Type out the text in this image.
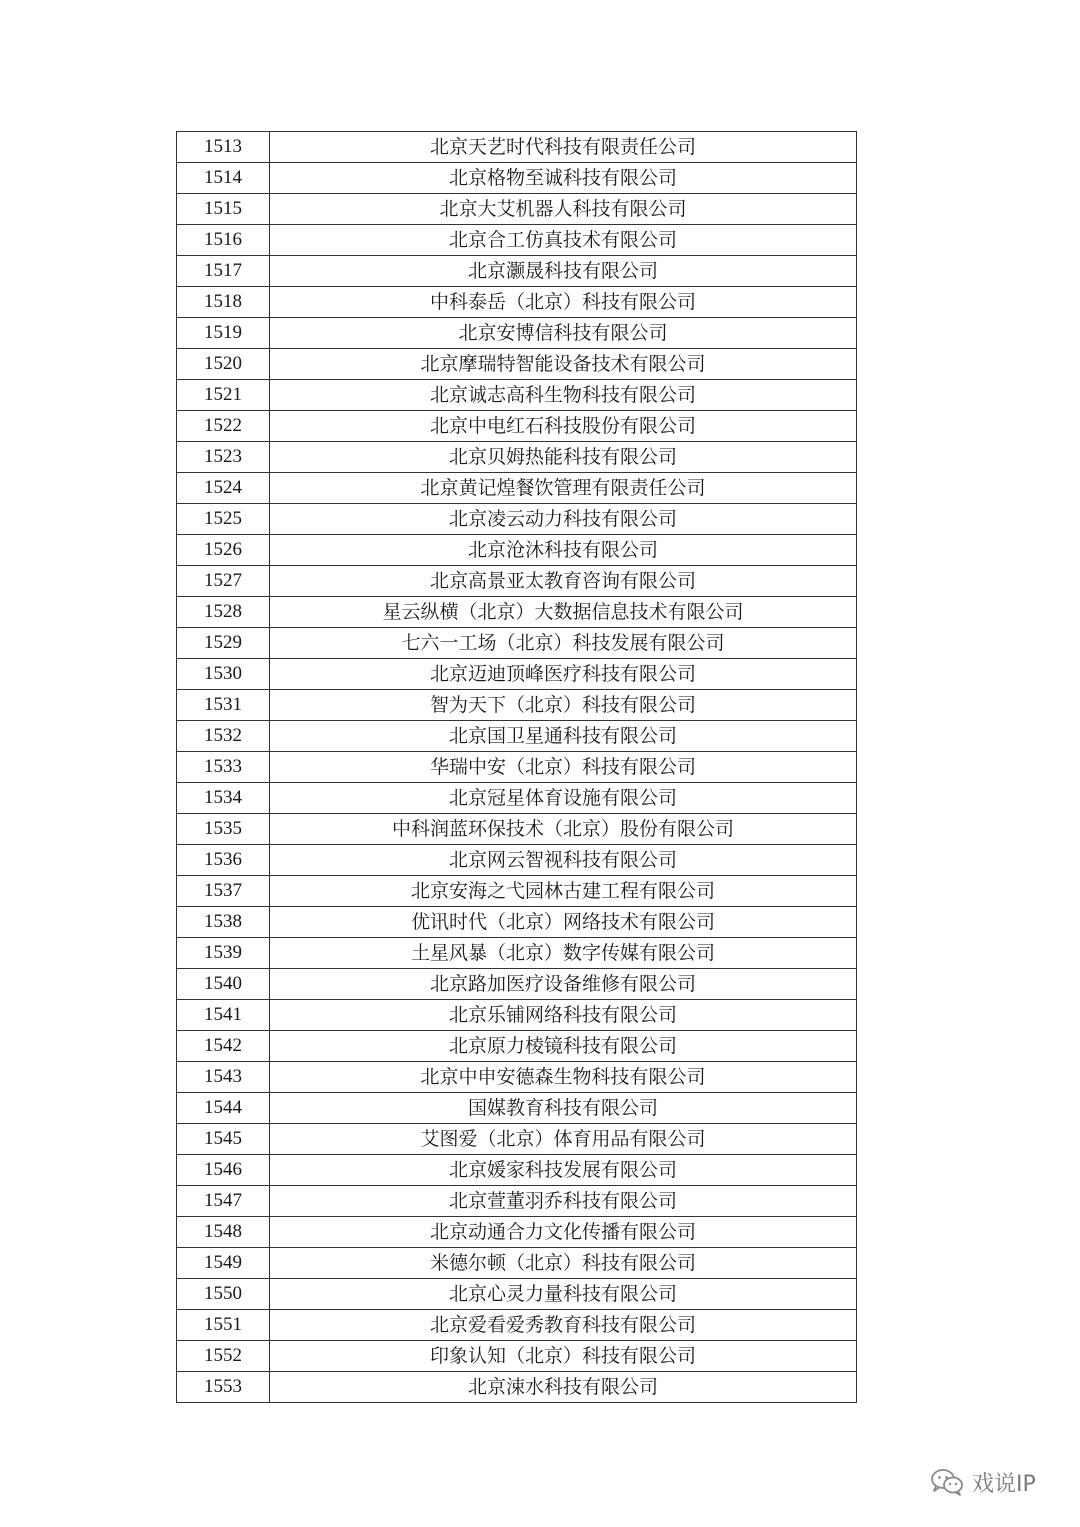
1513	北京天艺时代科技有限责任公司
1514	北京格物至诚科技有限公司
1515	北京大艾机器人科技有限公司
1516	北京合工仿真技术有限公司
1517	北京灏晟科技有限公司
1518	中科泰岳（北京）科技有限公司
1519	北京安博信科技有限公司
1520	北京摩瑞特智能设备技术有限公司
1521	北京诚志高科生物科技有限公司
1522	北京中电红石科技股份有限公司
1523	北京贝姆热能科技有限公司
1524	北京黄记煌餐饮管理有限责任公司
1525	北京凌云动力科技有限公司
1526	北京沧沐科技有限公司
1527	北京高景亚太教育咨询有限公司
1528	星云纵横（北京）大数据信息技术有限公司
1529	七六一工场（北京）科技发展有限公司
1530	北京迈迪顶峰医疗科技有限公司
1531	智为天下（北京）科技有限公司
1532	北京国卫星通科技有限公司
1533	华瑞中安（北京）科技有限公司
1534	北京冠星体育设施有限公司
1535	中科润蓝环保技术（北京）股份有限公司
1536	北京网云智视科技有限公司
1537	北京安海之弋园林古建工程有限公司
1538	优讯时代（北京）网络技术有限公司
1539	土星风暴（北京）数字传媒有限公司
1540	北京路加医疗设备维修有限公司
1541	北京乐铺网络科技有限公司
1542	北京原力棱镜科技有限公司
1543	北京中申安德森生物科技有限公司
1544	国媒教育科技有限公司
1545	艾图爱（北京）体育用品有限公司
1546	北京媛家科技发展有限公司
1547	北京萱董羽乔科技有限公司
1548	北京动通合力文化传播有限公司
1549	米德尔顿（北京）科技有限公司
1550	北京心灵力量科技有限公司
1551	北京爱看爱秀教育科技有限公司
1552	印象认知（北京）科技有限公司
1553	北京涑水科技有限公司
戏说IP
